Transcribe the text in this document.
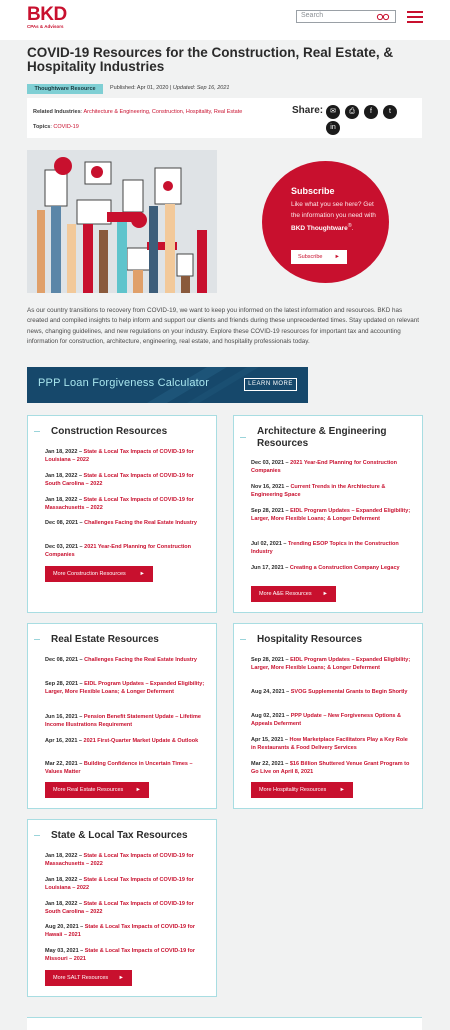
BKD
CPAs & Advisors
Search
COVID-19 Resources for the Construction, Real Estate, & Hospitality Industries
Thoughtware Resource	Published: Apr 01, 2020 | Updated: Sep 16, 2021
Related Industries: Architecture & Engineering, Construction, Hospitality, Real Estate
Topics: COVID-19
Share: ✉	⎙	f	t
in
Subscribe
Like what you see here? Get the information you need with BKD Thoughtware®.
Subscribe ►

As our country transitions to recovery from COVID-19, we want to keep you informed on the latest information and resources. BKD has created and compiled insights to help inform and support our clients and friends during these unprecedented times. Stay updated on relevant news, changing guidelines, and new regulations on your industry. Explore these COVID-19 resources for important tax and accounting information for construction, architecture, engineering, real estate, and hospitality professionals today.

PPP Loan Forgiveness Calculator	LEARN MORE
Construction Resources
Jan 18, 2022 – State & Local Tax Impacts of COVID-19 for Louisiana – 2022
Jan 18, 2022 – State & Local Tax Impacts of COVID-19 for South Carolina – 2022
Jan 18, 2022 – State & Local Tax Impacts of COVID-19 for Massachusetts – 2022
Dec 08, 2021 – Challenges Facing the Real Estate Industry
Dec 03, 2021 – 2021 Year-End Planning for Construction Companies
More Construction Resources	►
Architecture & Engineering Resources
Dec 03, 2021 – 2021 Year-End Planning for Construction Companies
Nov 16, 2021 – Current Trends in the Architecture & Engineering Space
Sep 28, 2021 – EIDL Program Updates – Expanded Eligibility; Larger, More Flexible Loans; & Longer Deferment
Jul 02, 2021 – Trending ESOP Topics in the Construction Industry
Jun 17, 2021 – Creating a Construction Company Legacy
More A&E Resources ►
Real Estate Resources
Dec 08, 2021 – Challenges Facing the Real Estate Industry
Sep 28, 2021 – EIDL Program Updates – Expanded Eligibility; Larger, More Flexible Loans; & Longer Deferment
Jun 16, 2021 – Pension Benefit Statement Update – Lifetime Income Illustrations Requirement
Apr 16, 2021 – 2021 First-Quarter Market Update & Outlook
Mar 22, 2021 – Building Confidence in Uncertain Times – Values Matter
More Real Estate Resources ►
Hospitality Resources
Sep 28, 2021 – EIDL Program Updates – Expanded Eligibility; Larger, More Flexible Loans; & Longer Deferment
Aug 24, 2021 – SVOG Supplemental Grants to Begin Shortly
Aug 02, 2021 – PPP Update – New Forgiveness Options & Appeals Deferment
Apr 15, 2021 – How Marketplace Facilitators Play a Key Role in Restaurants & Food Delivery Services
Mar 22, 2021 – $16 Billion Shuttered Venue Grant Program to Go Live on April 8, 2021
More Hospitality Resources ►
State & Local Tax Resources
Jan 18, 2022 – State & Local Tax Impacts of COVID-19 for Massachusetts – 2022
Jan 18, 2022 – State & Local Tax Impacts of COVID-19 for Louisiana – 2022
Jan 18, 2022 – State & Local Tax Impacts of COVID-19 for South Carolina – 2022
Aug 20, 2021 – State & Local Tax Impacts of COVID-19 for Hawaii – 2021
May 03, 2021 – State & Local Tax Impacts of COVID-19 for Missouri – 2021
More SALT Resources ►
